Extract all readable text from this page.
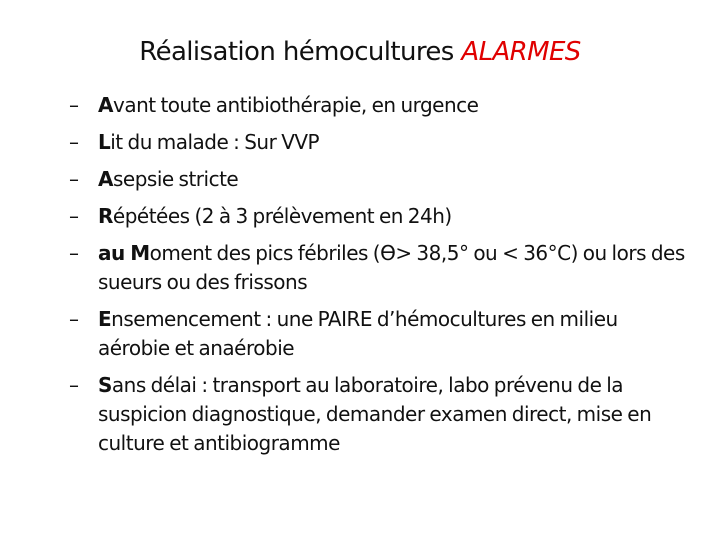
Réalisation hémocultures ALARMES
– Avant toute antibiothérapie, en urgence
– Lit du malade : Sur VVP
– Asepsie stricte
– Répétées (2 à 3 prélèvement en 24h)
– au Moment des pics fébriles (Ɵ> 38,5° ou < 36°C) ou lors des sueurs ou des frissons
– Ensemencement : une PAIRE d’hémocultures en milieu aérobie et anaérobie
– Sans délai : transport au laboratoire, labo prévenu de la suspicion diagnostique, demander examen direct, mise en culture et antibiogramme
